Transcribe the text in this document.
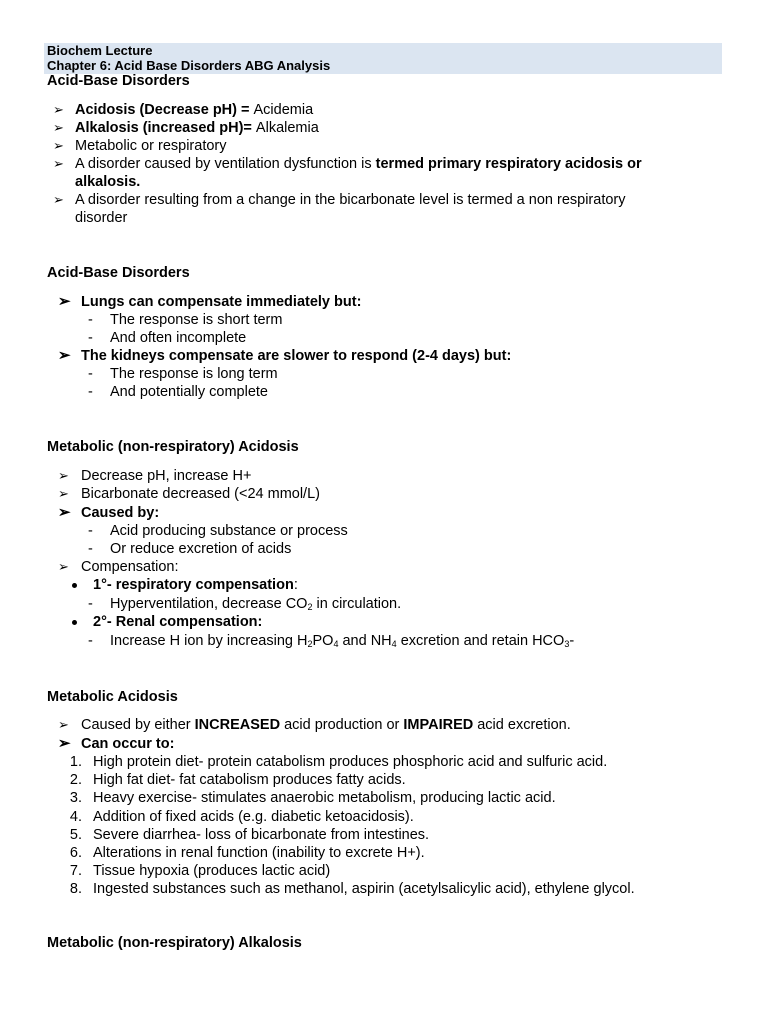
Biochem Lecture
Chapter 6: Acid Base Disorders ABG Analysis
Acid-Base Disorders
➢ Acidosis (Decrease pH) = Acidemia
➢ Alkalosis (increased pH)= Alkalemia
➢ Metabolic or respiratory
➢ A disorder caused by ventilation dysfunction is termed primary respiratory acidosis or
alkalosis.
➢ A disorder resulting from a change in the bicarbonate level is termed a non respiratory
disorder
Acid-Base Disorders
➢ Lungs can compensate immediately but:
- The response is short term
- And often incomplete
➢ The kidneys compensate are slower to respond (2-4 days) but:
- The response is long term
- And potentially complete
Metabolic (non-respiratory) Acidosis
➢ Decrease pH, increase H+
➢ Bicarbonate decreased (<24 mmol/L)
➢ Caused by:
- Acid producing substance or process
- Or reduce excretion of acids
➢ Compensation:
1°- respiratory compensation:
- Hyperventilation, decrease $CO_2$ in circulation.
2°- Renal compensation:
- Increase H ion by increasing $H_2PO_4$ and $NH_4$ excretion and retain $HCO_3-$
Metabolic Acidosis
➢ Caused by either INCREASED acid production or IMPAIRED acid excretion.
➢ Can occur to:
1. High protein diet- protein catabolism produces phosphoric acid and sulfuric acid.
2. High fat diet- fat catabolism produces fatty acids.
3. Heavy exercise- stimulates anaerobic metabolism, producing lactic acid.
4. Addition of fixed acids (e.g. diabetic ketoacidosis).
5. Severe diarrhea- loss of bicarbonate from intestines.
6. Alterations in renal function (inability to excrete H+).
7. Tissue hypoxia (produces lactic acid)
8. Ingested substances such as methanol, aspirin (acetylsalicylic acid), ethylene glycol.
Metabolic (non-respiratory) Alkalosis
